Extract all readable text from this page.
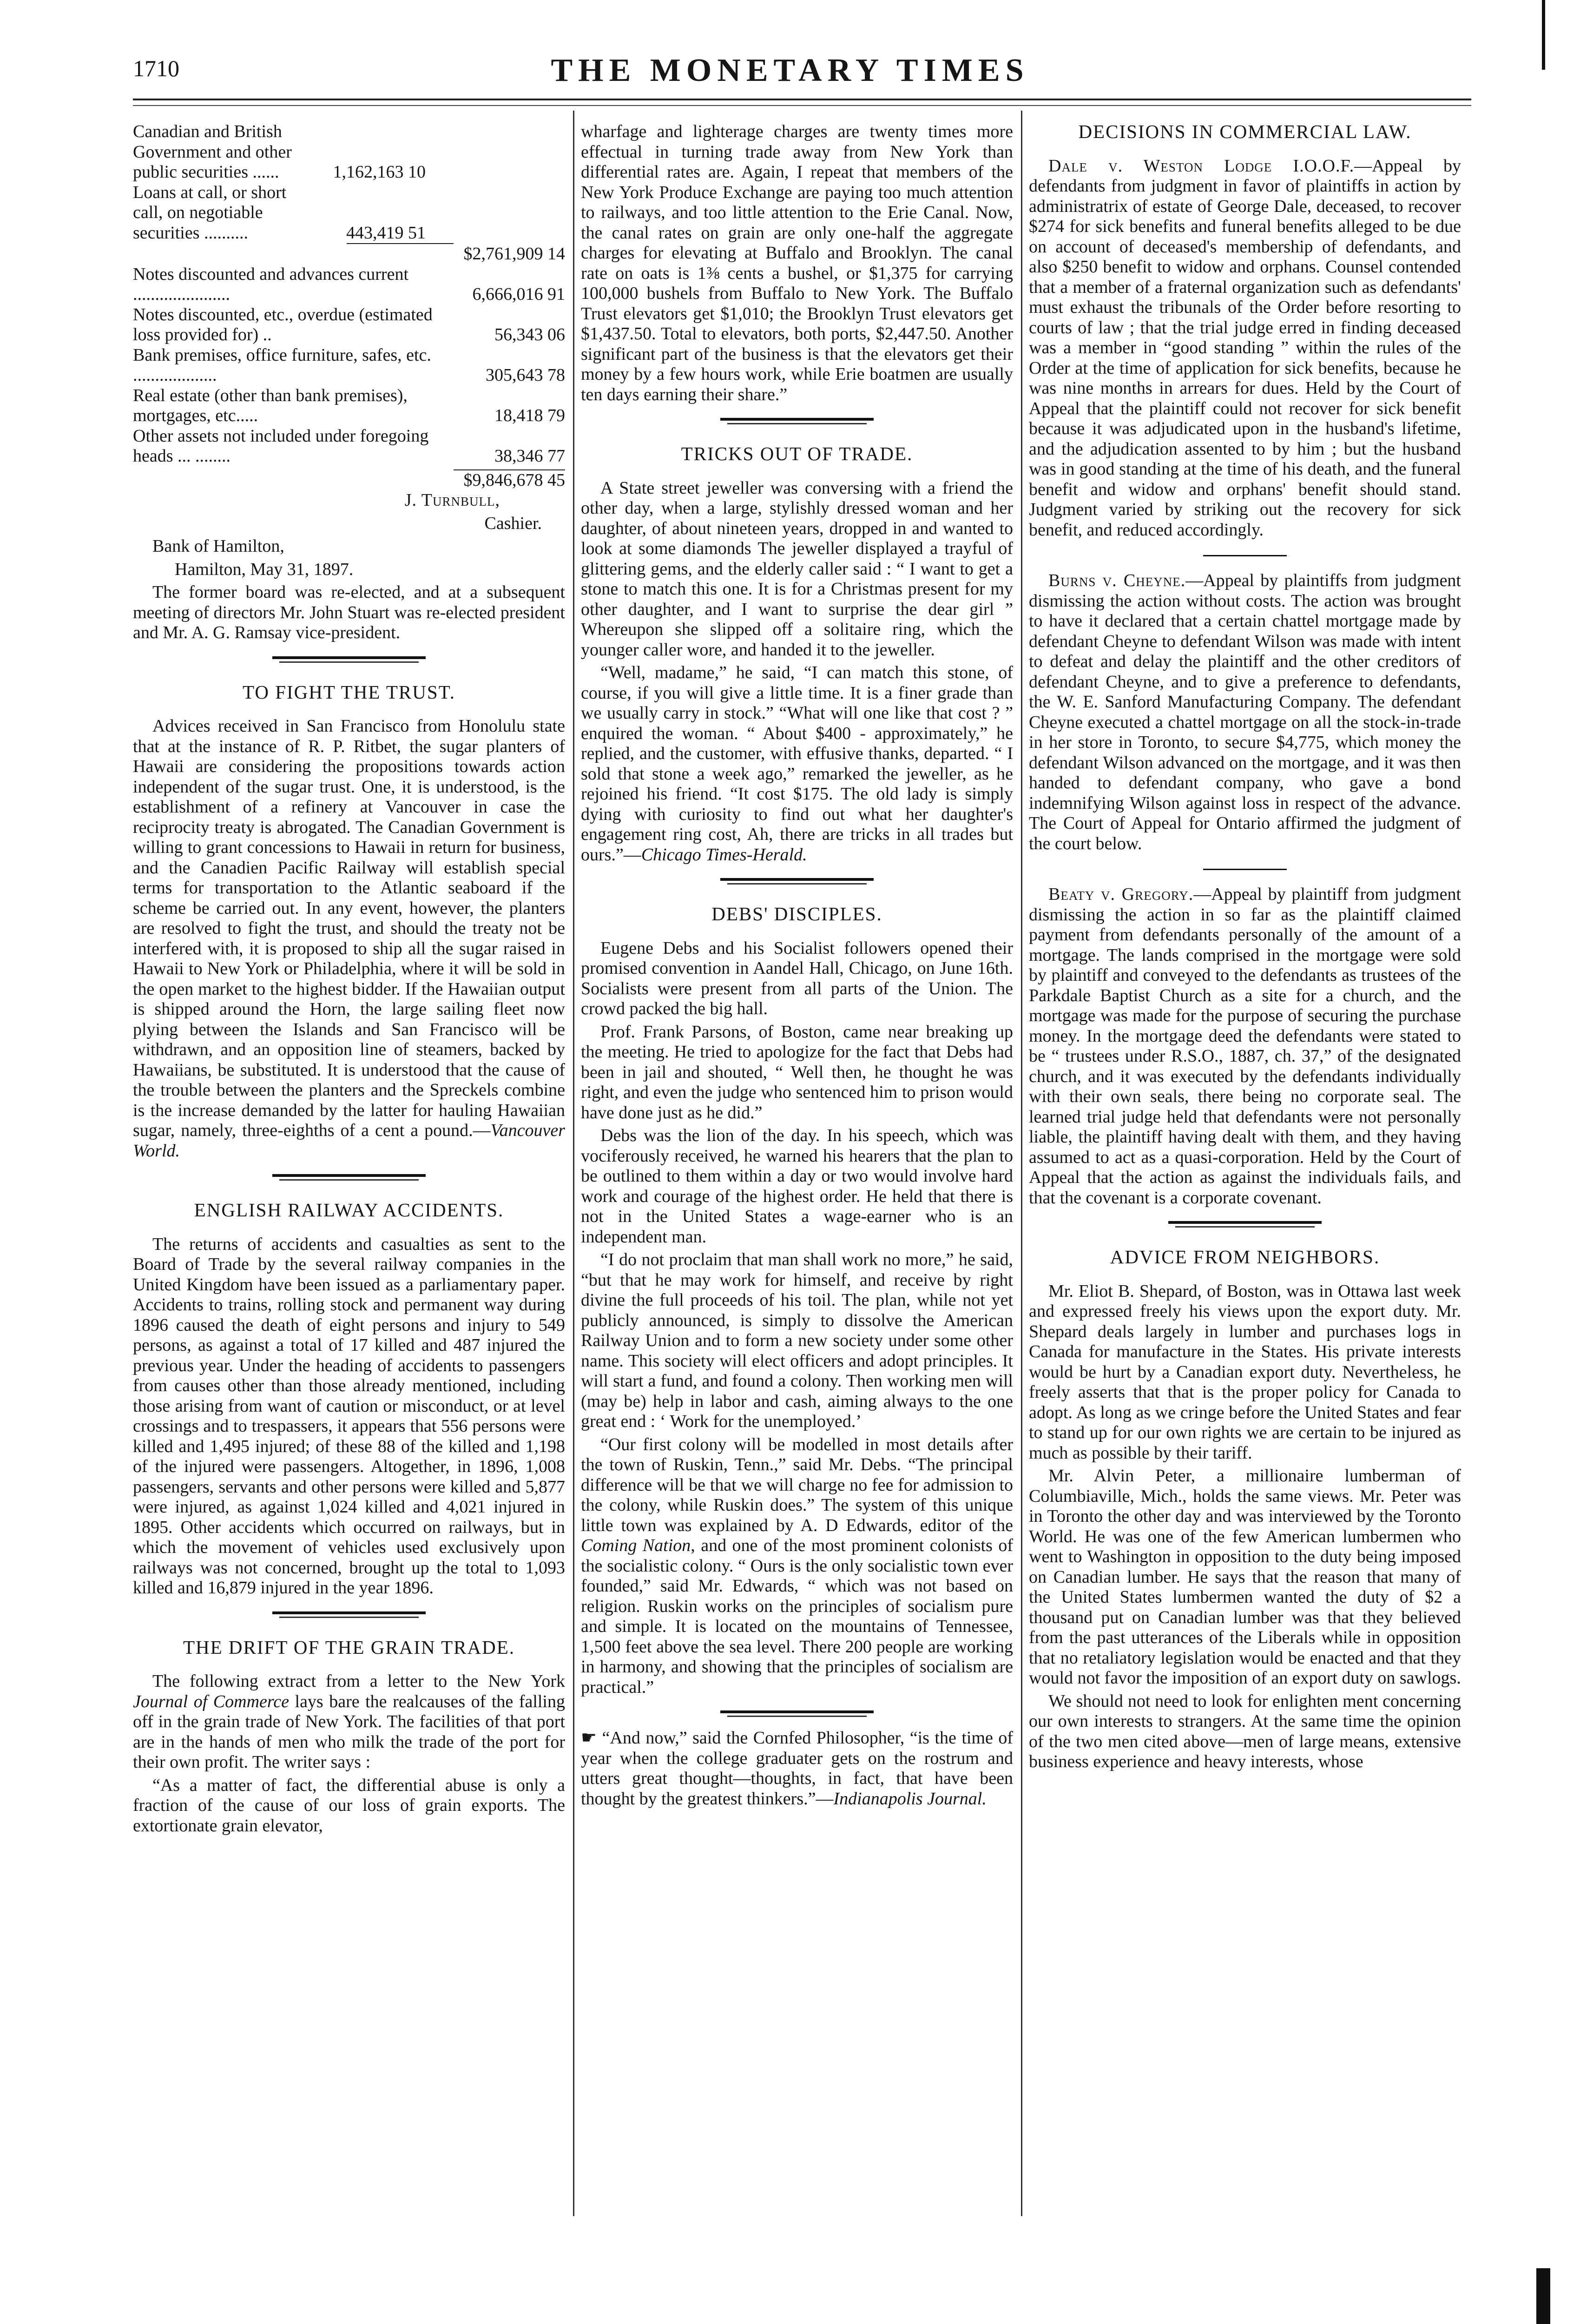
1710	THE MONETARY TIMES
Canadian and British Government and other public securities ......	1,162,163 10
Loans at call, or short call, on negotiable securities ..........	443,419 51

$2,761,909 14
Notes discounted and advances current ......................	6,666,016 91
Notes discounted, etc., overdue (estimated loss provided for) ..	56,343 06
Bank premises, office furniture, safes, etc. ...................	305,643 78
Real estate (other than bank premises), mortgages, etc.....	18,418 79
Other assets not included under foregoing heads ... ........	38,346 77
$9,846,678 45

J. Turnbull,

Cashier.

Bank of Hamilton,

Hamilton, May 31, 1897.

The former board was re-elected, and at a subsequent meeting of directors Mr. John Stuart was re-elected president and Mr. A. G. Ramsay vice-president.

TO FIGHT THE TRUST.

Advices received in San Francisco from Honolulu state that at the instance of R. P. Ritbet, the sugar planters of Hawaii are considering the propositions towards action independent of the sugar trust. One, it is understood, is the establishment of a refinery at Vancouver in case the reciprocity treaty is abrogated. The Canadian Government is willing to grant concessions to Hawaii in return for business, and the Canadien Pacific Railway will establish special terms for transportation to the Atlantic seaboard if the scheme be carried out. In any event, however, the planters are resolved to fight the trust, and should the treaty not be interfered with, it is proposed to ship all the sugar raised in Hawaii to New York or Philadelphia, where it will be sold in the open market to the highest bidder. If the Hawaiian output is shipped around the Horn, the large sailing fleet now plying between the Islands and San Francisco will be withdrawn, and an opposition line of steamers, backed by Hawaiians, be substituted. It is understood that the cause of the trouble between the planters and the Spreckels combine is the increase demanded by the latter for hauling Hawaiian sugar, namely, three-eighths of a cent a pound.—Vancouver World.

ENGLISH RAILWAY ACCIDENTS.

The returns of accidents and casualties as sent to the Board of Trade by the several railway companies in the United Kingdom have been issued as a parliamentary paper. Accidents to trains, rolling stock and permanent way during 1896 caused the death of eight persons and injury to 549 persons, as against a total of 17 killed and 487 injured the previous year. Under the heading of accidents to passengers from causes other than those already mentioned, including those arising from want of caution or misconduct, or at level crossings and to trespassers, it appears that 556 persons were killed and 1,495 injured; of these 88 of the killed and 1,198 of the injured were passengers. Altogether, in 1896, 1,008 passengers, servants and other persons were killed and 5,877 were injured, as against 1,024 killed and 4,021 injured in 1895. Other accidents which occurred on railways, but in which the movement of vehicles used exclusively upon railways was not concerned, brought up the total to 1,093 killed and 16,879 injured in the year 1896.

THE DRIFT OF THE GRAIN TRADE.

The following extract from a letter to the New York Journal of Commerce lays bare the realcauses of the falling off in the grain trade of New York. The facilities of that port are in the hands of men who milk the trade of the port for their own profit. The writer says :

“As a matter of fact, the differential abuse is only a fraction of the cause of our loss of grain exports. The extortionate grain elevator,

wharfage and lighterage charges are twenty times more effectual in turning trade away from New York than differential rates are. Again, I repeat that members of the New York Produce Exchange are paying too much attention to railways, and too little attention to the Erie Canal. Now, the canal rates on grain are only one-half the aggregate charges for elevating at Buffalo and Brooklyn. The canal rate on oats is 1⅜ cents a bushel, or $1,375 for carrying 100,000 bushels from Buffalo to New York. The Buffalo Trust elevators get $1,010; the Brooklyn Trust elevators get $1,437.50. Total to elevators, both ports, $2,447.50. Another significant part of the business is that the elevators get their money by a few hours work, while Erie boatmen are usually ten days earning their share.”

TRICKS OUT OF TRADE.

A State street jeweller was conversing with a friend the other day, when a large, stylishly dressed woman and her daughter, of about nineteen years, dropped in and wanted to look at some diamonds The jeweller displayed a trayful of glittering gems, and the elderly caller said : “ I want to get a stone to match this one. It is for a Christmas present for my other daughter, and I want to surprise the dear girl ” Whereupon she slipped off a solitaire ring, which the younger caller wore, and handed it to the jeweller.

“Well, madame,” he said, “I can match this stone, of course, if you will give a little time. It is a finer grade than we usually carry in stock.” “What will one like that cost ? ” enquired the woman. “ About $400 - approximately,” he replied, and the customer, with effusive thanks, departed. “ I sold that stone a week ago,” remarked the jeweller, as he rejoined his friend. “It cost $175. The old lady is simply dying with curiosity to find out what her daughter's engagement ring cost, Ah, there are tricks in all trades but ours.”—Chicago Times-Herald.

DEBS' DISCIPLES.

Eugene Debs and his Socialist followers opened their promised convention in Aandel Hall, Chicago, on June 16th. Socialists were present from all parts of the Union. The crowd packed the big hall.

Prof. Frank Parsons, of Boston, came near breaking up the meeting. He tried to apologize for the fact that Debs had been in jail and shouted, “ Well then, he thought he was right, and even the judge who sentenced him to prison would have done just as he did.”

Debs was the lion of the day. In his speech, which was vociferously received, he warned his hearers that the plan to be outlined to them within a day or two would involve hard work and courage of the highest order. He held that there is not in the United States a wage-earner who is an independent man.

“I do not proclaim that man shall work no more,” he said, “but that he may work for himself, and receive by right divine the full proceeds of his toil. The plan, while not yet publicly announced, is simply to dissolve the American Railway Union and to form a new society under some other name. This society will elect officers and adopt principles. It will start a fund, and found a colony. Then working men will (may be) help in labor and cash, aiming always to the one great end : ‘ Work for the unemployed.’

“Our first colony will be modelled in most details after the town of Ruskin, Tenn.,” said Mr. Debs. “The principal difference will be that we will charge no fee for admission to the colony, while Ruskin does.” The system of this unique little town was explained by A. D Edwards, editor of the Coming Nation, and one of the most prominent colonists of the socialistic colony. “ Ours is the only socialistic town ever founded,” said Mr. Edwards, “ which was not based on religion. Ruskin works on the principles of socialism pure and simple. It is located on the mountains of Tennessee, 1,500 feet above the sea level. There 200 people are working in harmony, and showing that the principles of socialism are practical.”

☛ “And now,” said the Cornfed Philosopher, “is the time of year when the college graduater gets on the rostrum and utters great thought—thoughts, in fact, that have been thought by the greatest thinkers.”—Indianapolis Journal.

DECISIONS IN COMMERCIAL LAW.

Dale v. Weston Lodge I.O.O.F.—Appeal by defendants from judgment in favor of plaintiffs in action by administratrix of estate of George Dale, deceased, to recover $274 for sick benefits and funeral benefits alleged to be due on account of deceased's membership of defendants, and also $250 benefit to widow and orphans. Counsel contended that a member of a fraternal organization such as defendants' must exhaust the tribunals of the Order before resorting to courts of law ; that the trial judge erred in finding deceased was a member in “good standing ” within the rules of the Order at the time of application for sick benefits, because he was nine months in arrears for dues. Held by the Court of Appeal that the plaintiff could not recover for sick benefit because it was adjudicated upon in the husband's lifetime, and the adjudication assented to by him ; but the husband was in good standing at the time of his death, and the funeral benefit and widow and orphans' benefit should stand. Judgment varied by striking out the recovery for sick benefit, and reduced accordingly.

Burns v. Cheyne.—Appeal by plaintiffs from judgment dismissing the action without costs. The action was brought to have it declared that a certain chattel mortgage made by defendant Cheyne to defendant Wilson was made with intent to defeat and delay the plaintiff and the other creditors of defendant Cheyne, and to give a preference to defendants, the W. E. Sanford Manufacturing Company. The defendant Cheyne executed a chattel mortgage on all the stock-in-trade in her store in Toronto, to secure $4,775, which money the defendant Wilson advanced on the mortgage, and it was then handed to defendant company, who gave a bond indemnifying Wilson against loss in respect of the advance. The Court of Appeal for Ontario affirmed the judgment of the court below.

Beaty v. Gregory.—Appeal by plaintiff from judgment dismissing the action in so far as the plaintiff claimed payment from defendants personally of the amount of a mortgage. The lands comprised in the mortgage were sold by plaintiff and conveyed to the defendants as trustees of the Parkdale Baptist Church as a site for a church, and the mortgage was made for the purpose of securing the purchase money. In the mortgage deed the defendants were stated to be “ trustees under R.S.O., 1887, ch. 37,” of the designated church, and it was executed by the defendants individually with their own seals, there being no corporate seal. The learned trial judge held that defendants were not personally liable, the plaintiff having dealt with them, and they having assumed to act as a quasi-corporation. Held by the Court of Appeal that the action as against the individuals fails, and that the covenant is a corporate covenant.

ADVICE FROM NEIGHBORS.

Mr. Eliot B. Shepard, of Boston, was in Ottawa last week and expressed freely his views upon the export duty. Mr. Shepard deals largely in lumber and purchases logs in Canada for manufacture in the States. His private interests would be hurt by a Canadian export duty. Nevertheless, he freely asserts that that is the proper policy for Canada to adopt. As long as we cringe before the United States and fear to stand up for our own rights we are certain to be injured as much as possible by their tariff.

Mr. Alvin Peter, a millionaire lumberman of Columbiaville, Mich., holds the same views. Mr. Peter was in Toronto the other day and was interviewed by the Toronto World. He was one of the few American lumbermen who went to Washington in opposition to the duty being imposed on Canadian lumber. He says that the reason that many of the United States lumbermen wanted the duty of $2 a thousand put on Canadian lumber was that they believed from the past utterances of the Liberals while in opposition that no retaliatory legislation would be enacted and that they would not favor the imposition of an export duty on sawlogs.

We should not need to look for enlighten ment concerning our own interests to strangers. At the same time the opinion of the two men cited above—men of large means, extensive business experience and heavy interests, whose
